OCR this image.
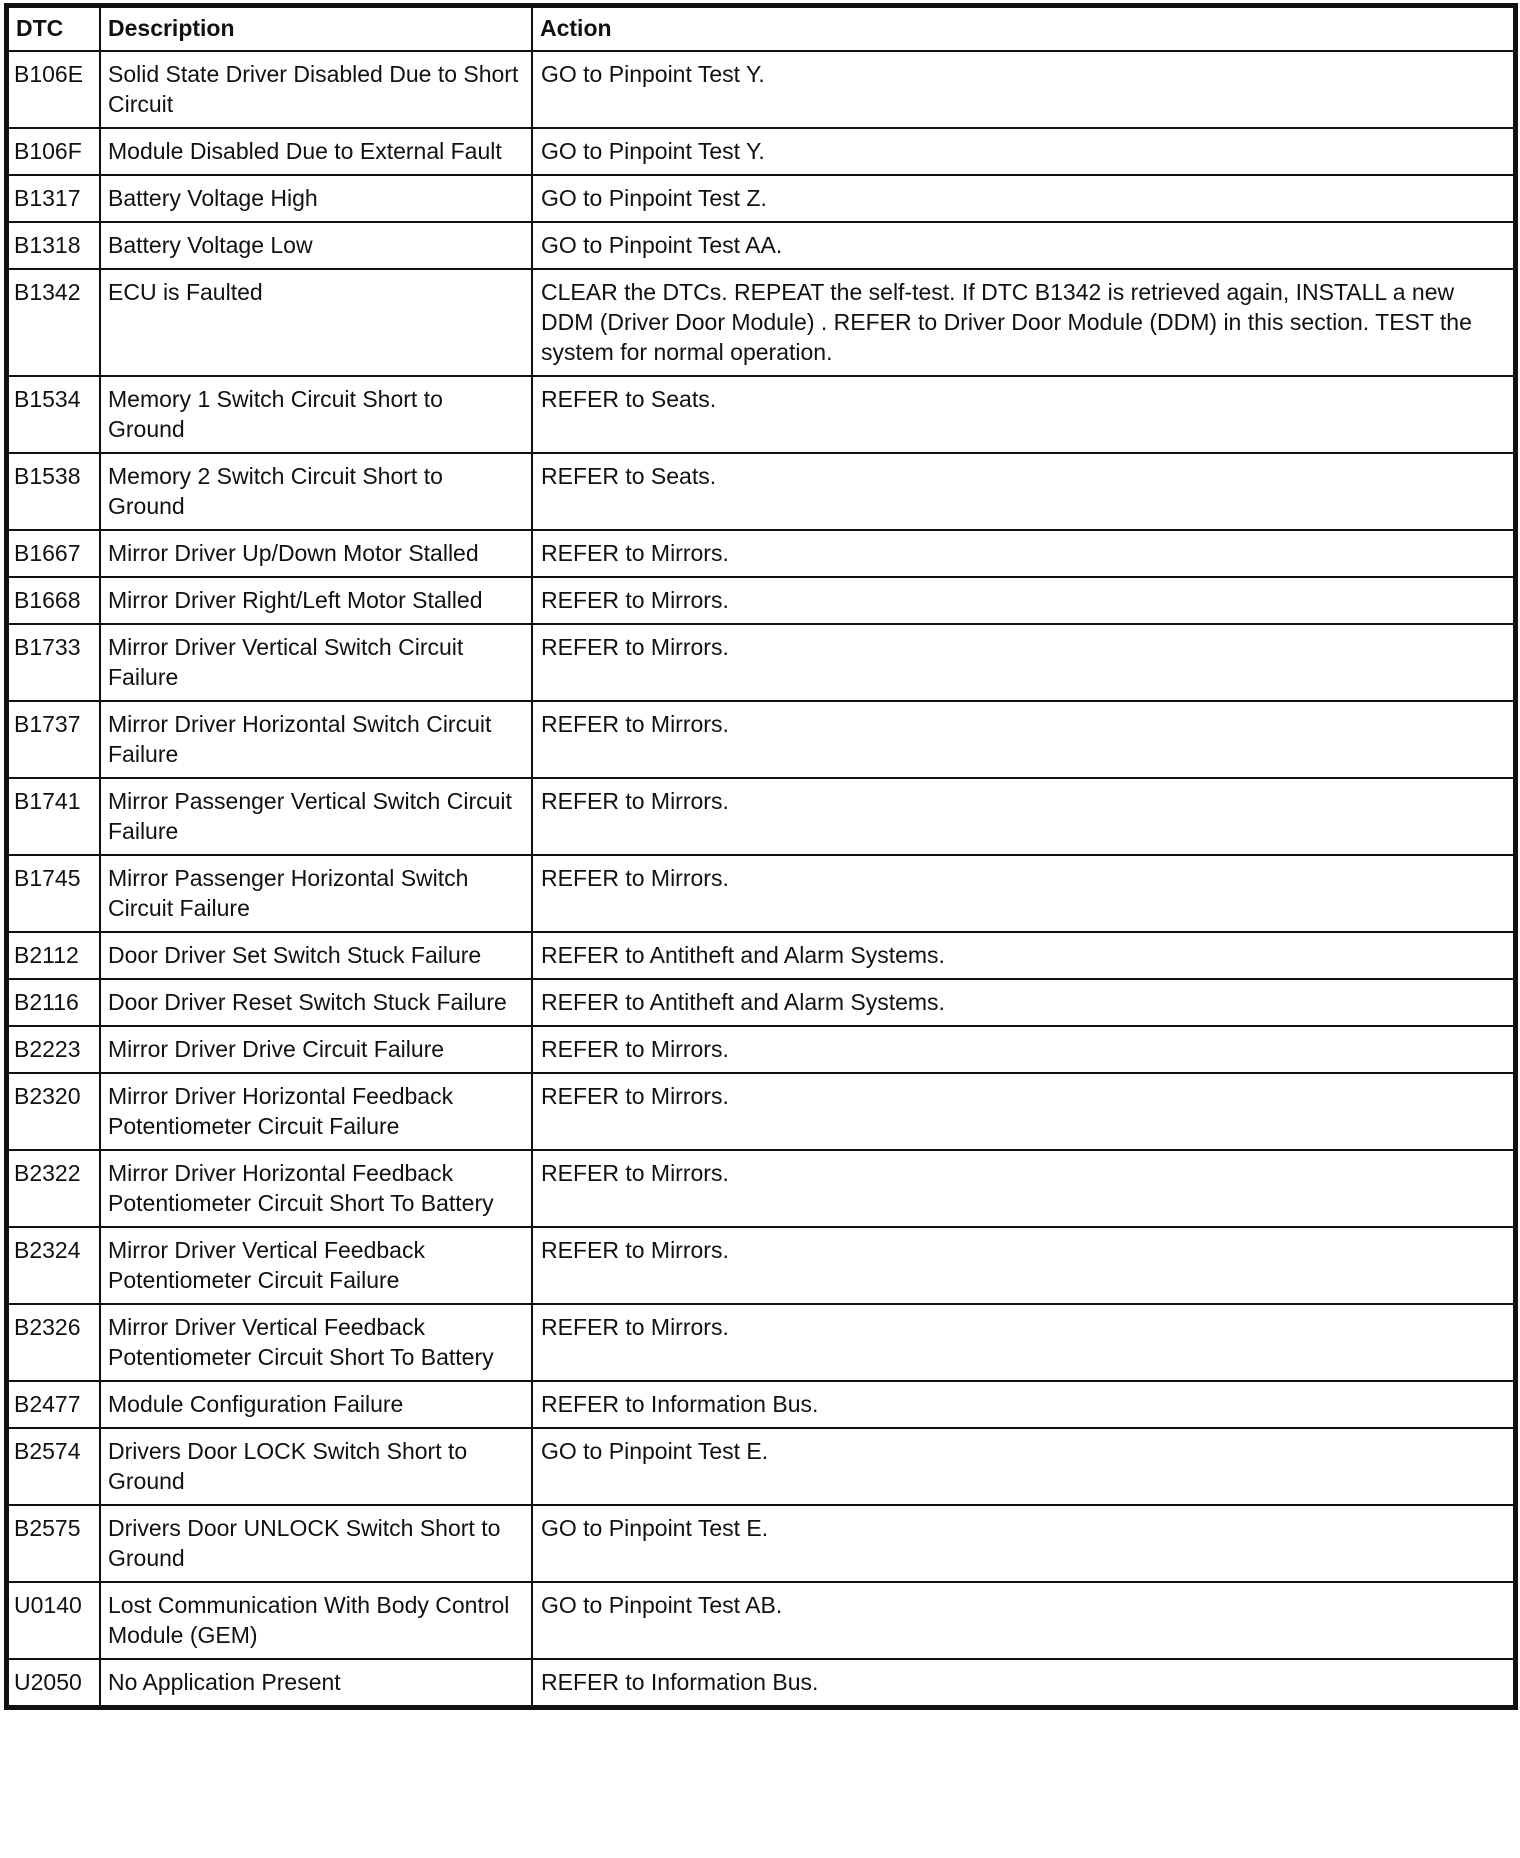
DTC	Description	Action
B106E	Solid State Driver Disabled Due to Short Circuit	GO to Pinpoint Test Y.
B106F	Module Disabled Due to External Fault	GO to Pinpoint Test Y.
B1317	Battery Voltage High	GO to Pinpoint Test Z.
B1318	Battery Voltage Low	GO to Pinpoint Test AA.
B1342	ECU is Faulted	CLEAR the DTCs. REPEAT the self-test. If DTC B1342 is retrieved again, INSTALL a new DDM (Driver Door Module) . REFER to Driver Door Module (DDM) in this section. TEST the system for normal operation.
B1534	Memory 1 Switch Circuit Short to Ground	REFER to Seats.
B1538	Memory 2 Switch Circuit Short to Ground	REFER to Seats.
B1667	Mirror Driver Up/Down Motor Stalled	REFER to Mirrors.
B1668	Mirror Driver Right/Left Motor Stalled	REFER to Mirrors.
B1733	Mirror Driver Vertical Switch Circuit Failure	REFER to Mirrors.
B1737	Mirror Driver Horizontal Switch Circuit Failure	REFER to Mirrors.
B1741	Mirror Passenger Vertical Switch Circuit Failure	REFER to Mirrors.
B1745	Mirror Passenger Horizontal Switch Circuit Failure	REFER to Mirrors.
B2112	Door Driver Set Switch Stuck Failure	REFER to Antitheft and Alarm Systems.
B2116	Door Driver Reset Switch Stuck Failure	REFER to Antitheft and Alarm Systems.
B2223	Mirror Driver Drive Circuit Failure	REFER to Mirrors.
B2320	Mirror Driver Horizontal Feedback Potentiometer Circuit Failure	REFER to Mirrors.
B2322	Mirror Driver Horizontal Feedback Potentiometer Circuit Short To Battery	REFER to Mirrors.
B2324	Mirror Driver Vertical Feedback Potentiometer Circuit Failure	REFER to Mirrors.
B2326	Mirror Driver Vertical Feedback Potentiometer Circuit Short To Battery	REFER to Mirrors.
B2477	Module Configuration Failure	REFER to Information Bus.
B2574	Drivers Door LOCK Switch Short to Ground	GO to Pinpoint Test E.
B2575	Drivers Door UNLOCK Switch Short to Ground	GO to Pinpoint Test E.
U0140	Lost Communication With Body Control Module (GEM)	GO to Pinpoint Test AB.
U2050	No Application Present	REFER to Information Bus.
